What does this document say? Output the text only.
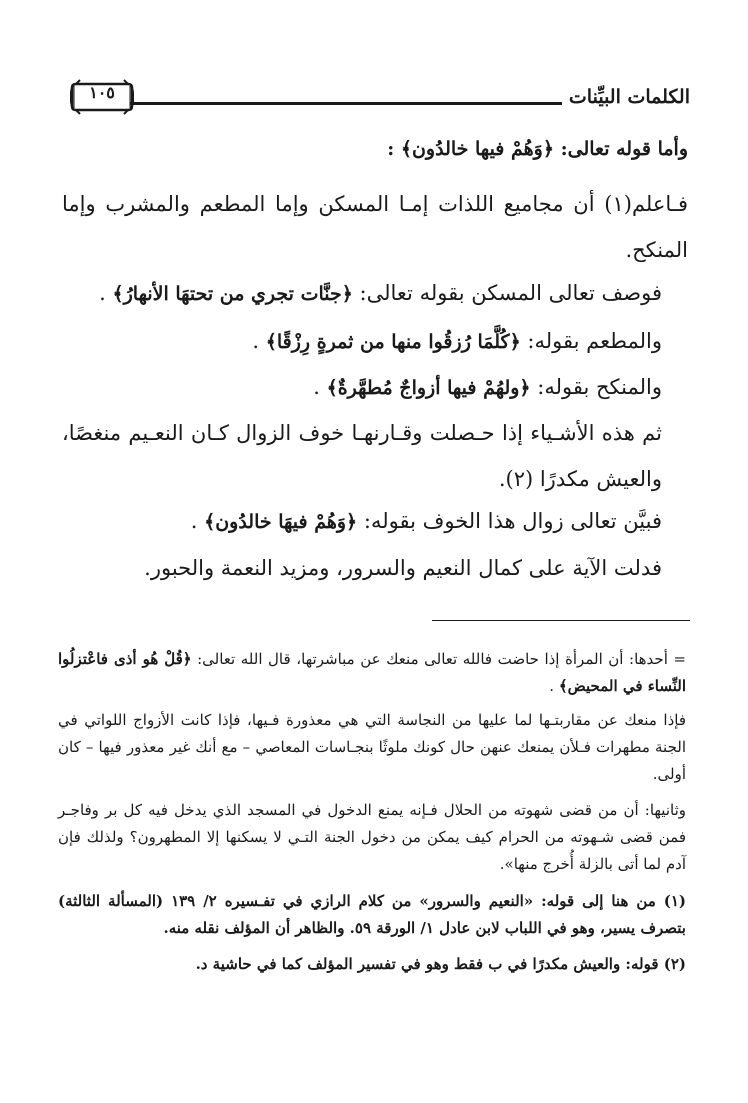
١٠٥	الكلمات البيِّنات
وأما قوله تعالى: ﴿وَهُمْ فيها خالدُون﴾ :
فـاعلم(١) أن مجاميع اللذات إمـا المسكن وإما المطعم والمشرب وإما المنكح.
فوصف تعالى المسكن بقوله تعالى: ﴿جنَّات تجري من تحتهَا الأنهارُ﴾ .
والمطعم بقوله: ﴿كُلَّمَا رُزقُوا منها من ثمرةٍ رِزْقًا﴾ .
والمنكح بقوله: ﴿ولهُمْ فيها أزواجٌ مُطهَّرةٌ﴾ .
ثم هذه الأشـياء إذا حـصلت وقـارنهـا خوف الزوال كـان النعـيم منغصًا، والعيش مكدرًا (٢).
فبيَّن تعالى زوال هذا الخوف بقوله: ﴿وَهُمْ فيهَا خالدُون﴾ .
فدلت الآية على كمال النعيم والسرور، ومزيد النعمة والحبور.
= أحدها: أن المرأة إذا حاضت فالله تعالى منعك عن مباشرتها، قال الله تعالى: ﴿قُلْ هُو أذى فاعْتزلُوا النِّساء في المحيض﴾ .
فإذا منعك عن مقاربتـها لما عليها من النجاسة التي هي معذورة فـيها، فإذا كانت الأزواج اللواتي في الجنة مطهرات فـلأن يمنعك عنهن حال كونك ملوثًا بنجـاسات المعاصي – مع أنك غير معذور فيها – كان أولى.
وثانيها: أن من قضى شهوته من الحلال فـإنه يمنع الدخول في المسجد الذي يدخل فيه كل بر وفاجـر فمن قضى شـهوته من الحرام كيف يمكن من دخول الجنة التـي لا يسكنها إلا المطهرون؟ ولذلك فإن آدم لما أتى بالزلة أُخرج منها».
(١) من هنا إلى قوله: «النعيم والسرور» من كلام الرازي في تفـسيره ٢/ ١٣٩ (المسألة الثالثة) بتصرف يسير، وهو في اللباب لابن عادل ١/ الورقة ٥٩. والظاهر أن المؤلف نقله منه.
(٢) قوله: والعيش مكدرًا في ب فقط وهو في تفسير المؤلف كما في حاشية د.
